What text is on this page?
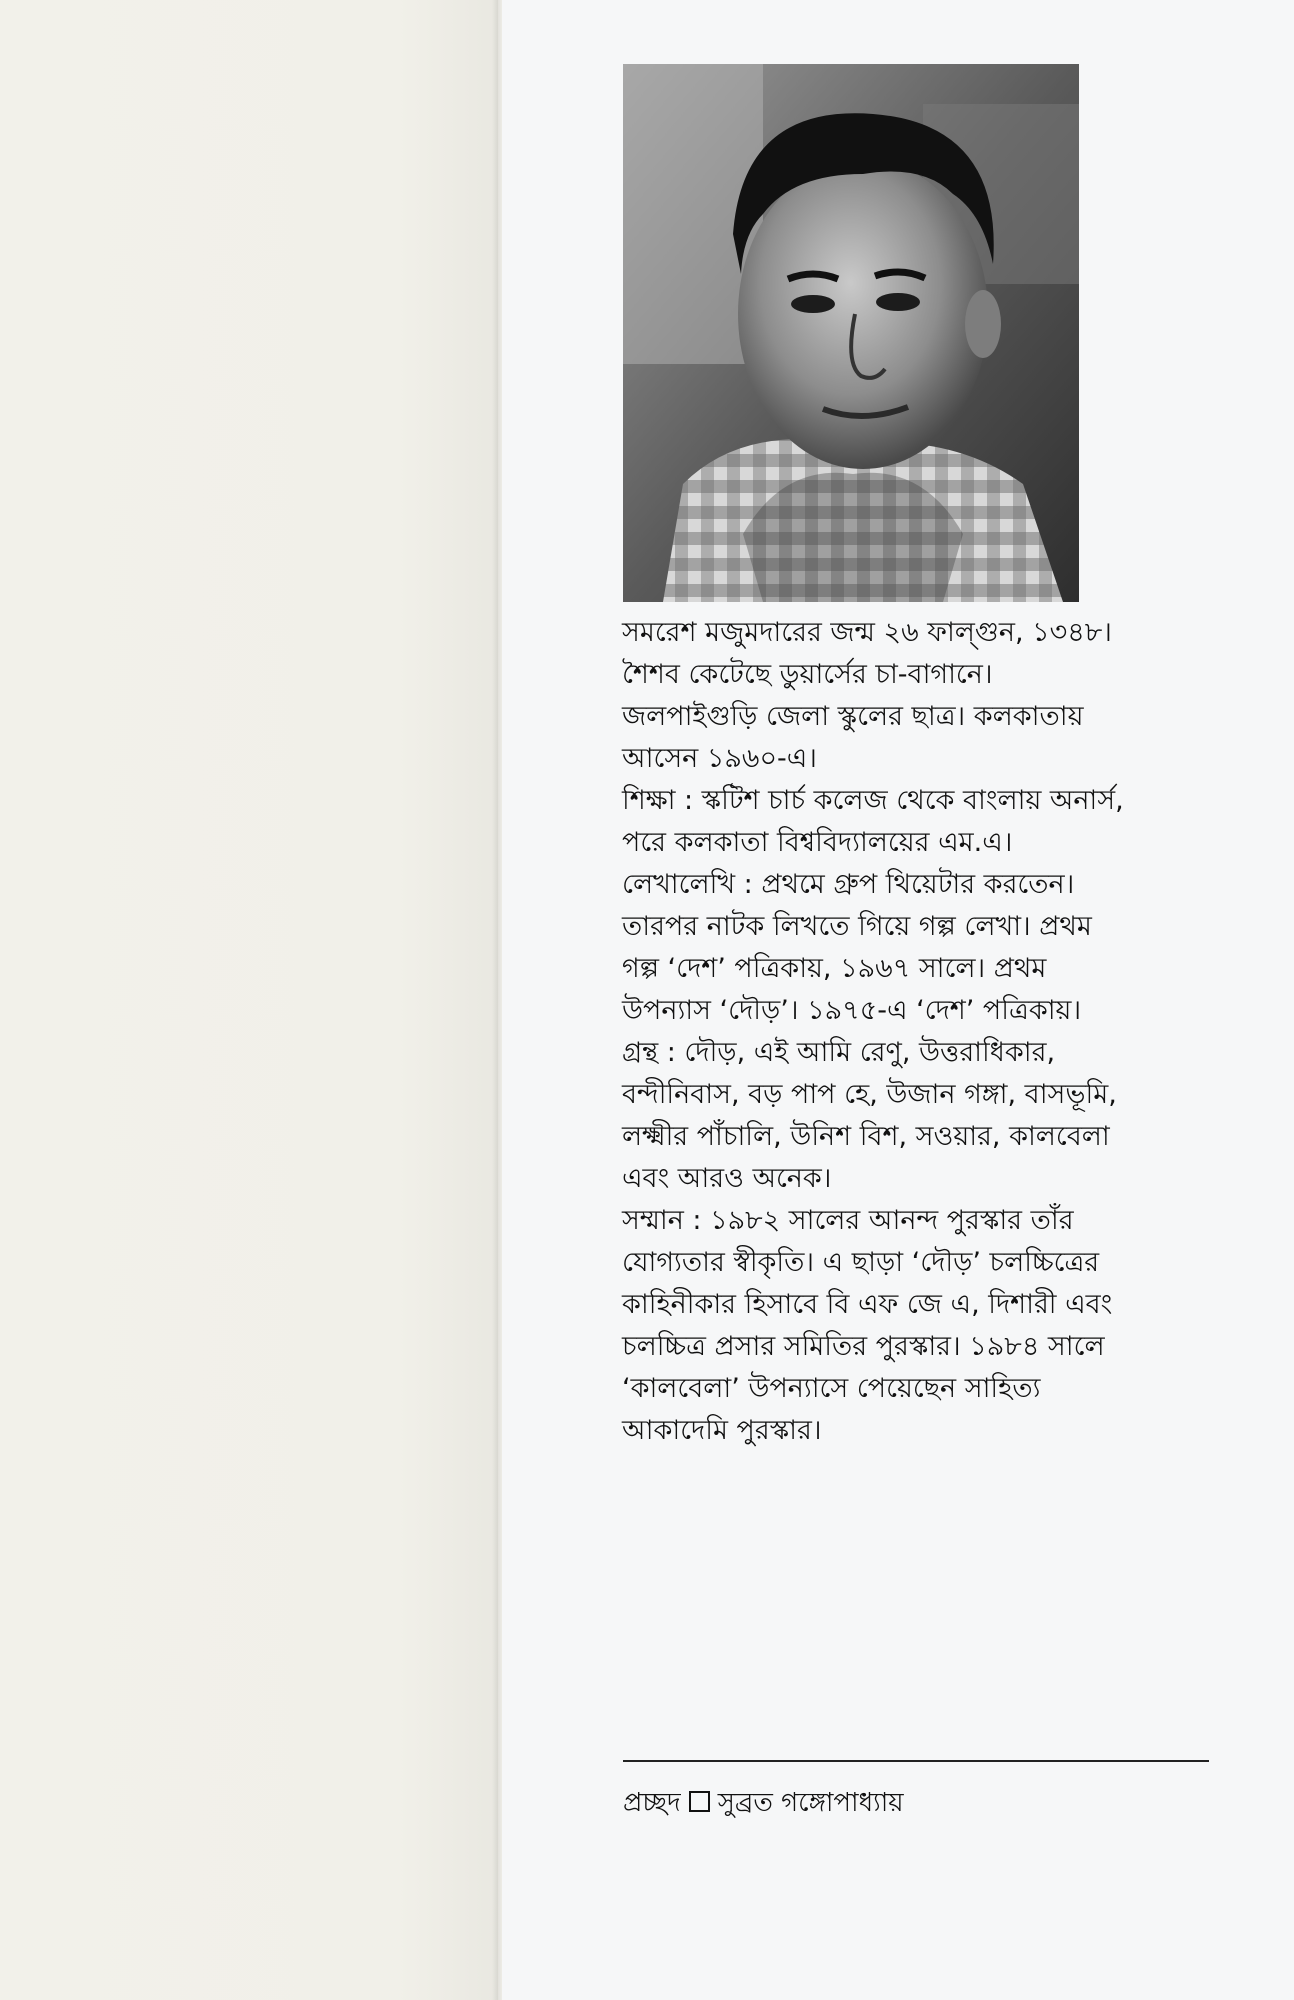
সমরেশ মজুমদারের জন্ম ২৬ ফাল্গুন, ১৩৪৮।
শৈশব কেটেছে ডুয়ার্সের চা-বাগানে।
জলপাইগুড়ি জেলা স্কুলের ছাত্র। কলকাতায়
আসেন ১৯৬০-এ।
শিক্ষা : স্কটিশ চার্চ কলেজ থেকে বাংলায় অনার্স,
পরে কলকাতা বিশ্ববিদ্যালয়ের এম.এ।
লেখালেখি : প্রথমে গ্রুপ থিয়েটার করতেন।
তারপর নাটক লিখতে গিয়ে গল্প লেখা। প্রথম
গল্প ‘দেশ’ পত্রিকায়, ১৯৬৭ সালে। প্রথম
উপন্যাস ‘দৌড়’। ১৯৭৫-এ ‘দেশ’ পত্রিকায়।
গ্রন্থ : দৌড়, এই আমি রেণু, উত্তরাধিকার,
বন্দীনিবাস, বড় পাপ হে, উজান গঙ্গা, বাসভূমি,
লক্ষ্মীর পাঁচালি, উনিশ বিশ, সওয়ার, কালবেলা
এবং আরও অনেক।
সম্মান : ১৯৮২ সালের আনন্দ পুরস্কার তাঁর
যোগ্যতার স্বীকৃতি। এ ছাড়া ‘দৌড়’ চলচ্চিত্রের
কাহিনীকার হিসাবে বি এফ জে এ, দিশারী এবং
চলচ্চিত্র প্রসার সমিতির পুরস্কার। ১৯৮৪ সালে
‘কালবেলা’ উপন্যাসে পেয়েছেন সাহিত্য
আকাদেমি পুরস্কার।
প্রচ্ছদ সুব্রত গঙ্গোপাধ্যায়
